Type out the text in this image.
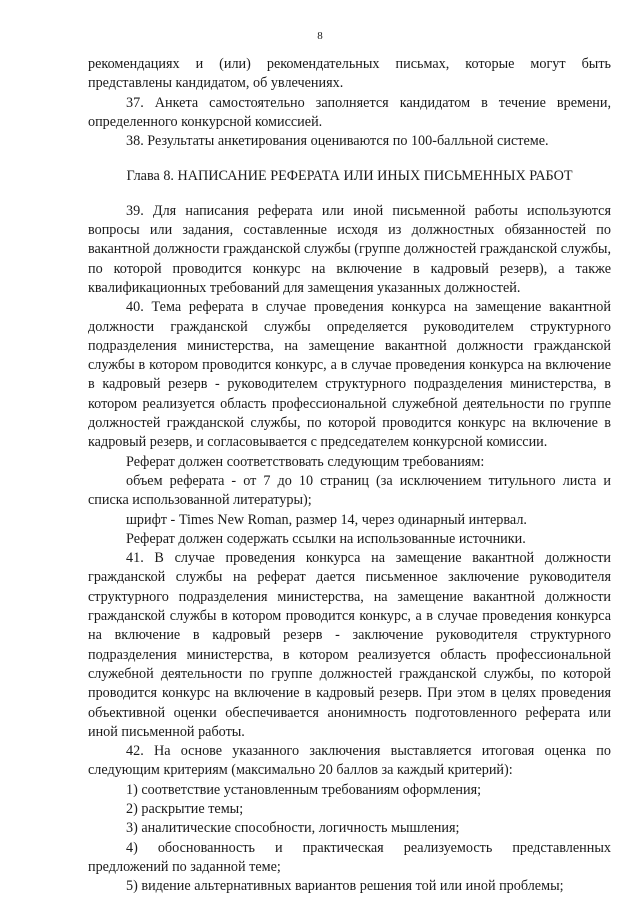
8

рекомендациях и (или) рекомендательных письмах, которые могут быть представлены кандидатом, об увлечениях.

37. Анкета самостоятельно заполняется кандидатом в течение времени, определенного конкурсной комиссией.

38. Результаты анкетирования оцениваются по 100-балльной системе.

Глава 8. НАПИСАНИЕ РЕФЕРАТА ИЛИ ИНЫХ ПИСЬМЕННЫХ РАБОТ

39. Для написания реферата или иной письменной работы используются вопросы или задания, составленные исходя из должностных обязанностей по вакантной должности гражданской службы (группе должностей гражданской службы, по которой проводится конкурс на включение в кадровый резерв), а также квалификационных требований для замещения указанных должностей.

40. Тема реферата в случае проведения конкурса на замещение вакантной должности гражданской службы определяется руководителем структурного подразделения министерства, на замещение вакантной должности гражданской службы в котором проводится конкурс, а в случае проведения конкурса на включение в кадровый резерв - руководителем структурного подразделения министерства, в котором реализуется область профессиональной служебной деятельности по группе должностей гражданской службы, по которой проводится конкурс на включение в кадровый резерв, и согласовывается с председателем конкурсной комиссии.

Реферат должен соответствовать следующим требованиям:

объем реферата - от 7 до 10 страниц (за исключением титульного листа и списка использованной литературы);

шрифт - Times New Roman, размер 14, через одинарный интервал.

Реферат должен содержать ссылки на использованные источники.

41. В случае проведения конкурса на замещение вакантной должности гражданской службы на реферат дается письменное заключение руководителя структурного подразделения министерства, на замещение вакантной должности гражданской службы в котором проводится конкурс, а в случае проведения конкурса на включение в кадровый резерв - заключение руководителя структурного подразделения министерства, в котором реализуется область профессиональной служебной деятельности по группе должностей гражданской службы, по которой проводится конкурс на включение в кадровый резерв. При этом в целях проведения объективной оценки обеспечивается анонимность подготовленного реферата или иной письменной работы.

42. На основе указанного заключения выставляется итоговая оценка по следующим критериям (максимально 20 баллов за каждый критерий):

1) соответствие установленным требованиям оформления;

2) раскрытие темы;

3) аналитические способности, логичность мышления;

4) обоснованность и практическая реализуемость представленных предложений по заданной теме;

5) видение альтернативных вариантов решения той или иной проблемы;
